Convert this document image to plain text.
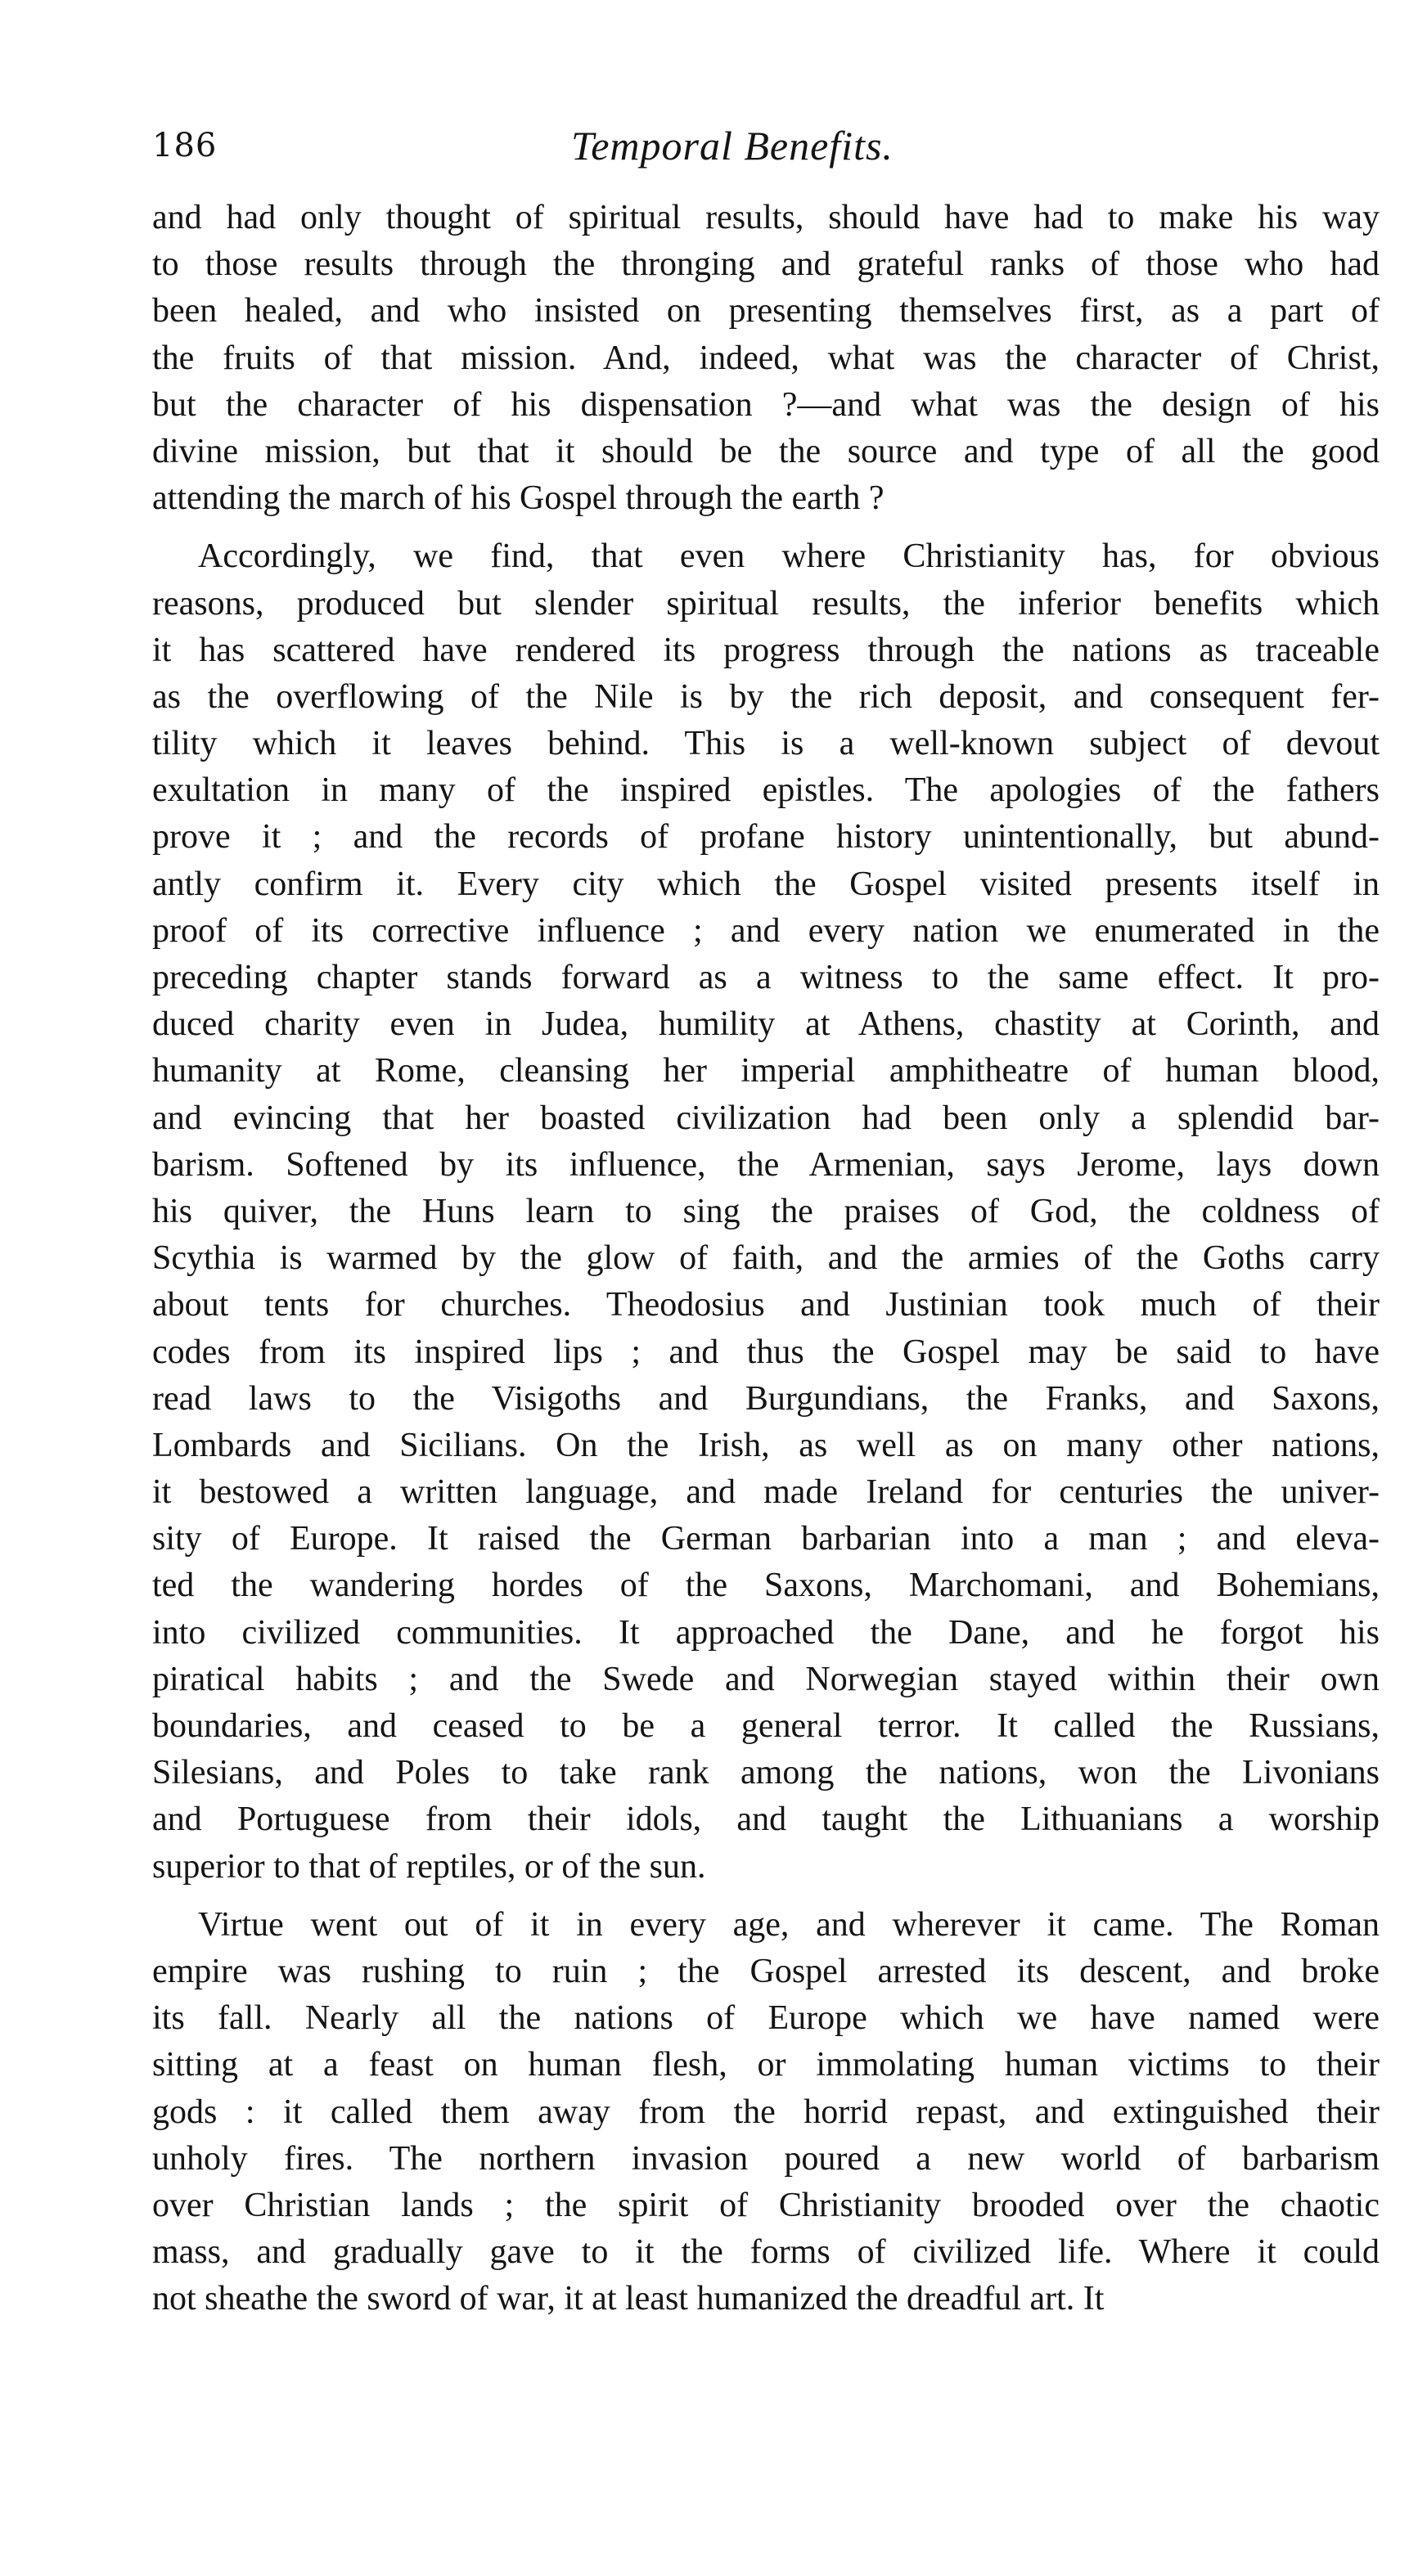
186	Temporal Benefits.
and had only thought of spiritual results, should have had to make his way
to those results through the thronging and grateful ranks of those who had
been healed, and who insisted on presenting themselves first, as a part of
the fruits of that mission. And, indeed, what was the character of Christ,
but the character of his dispensation ?—and what was the design of his
divine mission, but that it should be the source and type of all the good
attending the march of his Gospel through the earth ?
Accordingly, we find, that even where Christianity has, for obvious
reasons, produced but slender spiritual results, the inferior benefits which
it has scattered have rendered its progress through the nations as traceable
as the overflowing of the Nile is by the rich deposit, and consequent fer-
tility which it leaves behind. This is a well-known subject of devout
exultation in many of the inspired epistles. The apologies of the fathers
prove it ; and the records of profane history unintentionally, but abund-
antly confirm it. Every city which the Gospel visited presents itself in
proof of its corrective influence ; and every nation we enumerated in the
preceding chapter stands forward as a witness to the same effect. It pro-
duced charity even in Judea, humility at Athens, chastity at Corinth, and
humanity at Rome, cleansing her imperial amphitheatre of human blood,
and evincing that her boasted civilization had been only a splendid bar-
barism. Softened by its influence, the Armenian, says Jerome, lays down
his quiver, the Huns learn to sing the praises of God, the coldness of
Scythia is warmed by the glow of faith, and the armies of the Goths carry
about tents for churches. Theodosius and Justinian took much of their
codes from its inspired lips ; and thus the Gospel may be said to have
read laws to the Visigoths and Burgundians, the Franks, and Saxons,
Lombards and Sicilians. On the Irish, as well as on many other nations,
it bestowed a written language, and made Ireland for centuries the univer-
sity of Europe. It raised the German barbarian into a man ; and eleva-
ted the wandering hordes of the Saxons, Marchomani, and Bohemians,
into civilized communities. It approached the Dane, and he forgot his
piratical habits ; and the Swede and Norwegian stayed within their own
boundaries, and ceased to be a general terror. It called the Russians,
Silesians, and Poles to take rank among the nations, won the Livonians
and Portuguese from their idols, and taught the Lithuanians a worship
superior to that of reptiles, or of the sun.
Virtue went out of it in every age, and wherever it came. The Roman
empire was rushing to ruin ; the Gospel arrested its descent, and broke
its fall. Nearly all the nations of Europe which we have named were
sitting at a feast on human flesh, or immolating human victims to their
gods : it called them away from the horrid repast, and extinguished their
unholy fires. The northern invasion poured a new world of barbarism
over Christian lands ; the spirit of Christianity brooded over the chaotic
mass, and gradually gave to it the forms of civilized life. Where it could
not sheathe the sword of war, it at least humanized the dreadful art. It
